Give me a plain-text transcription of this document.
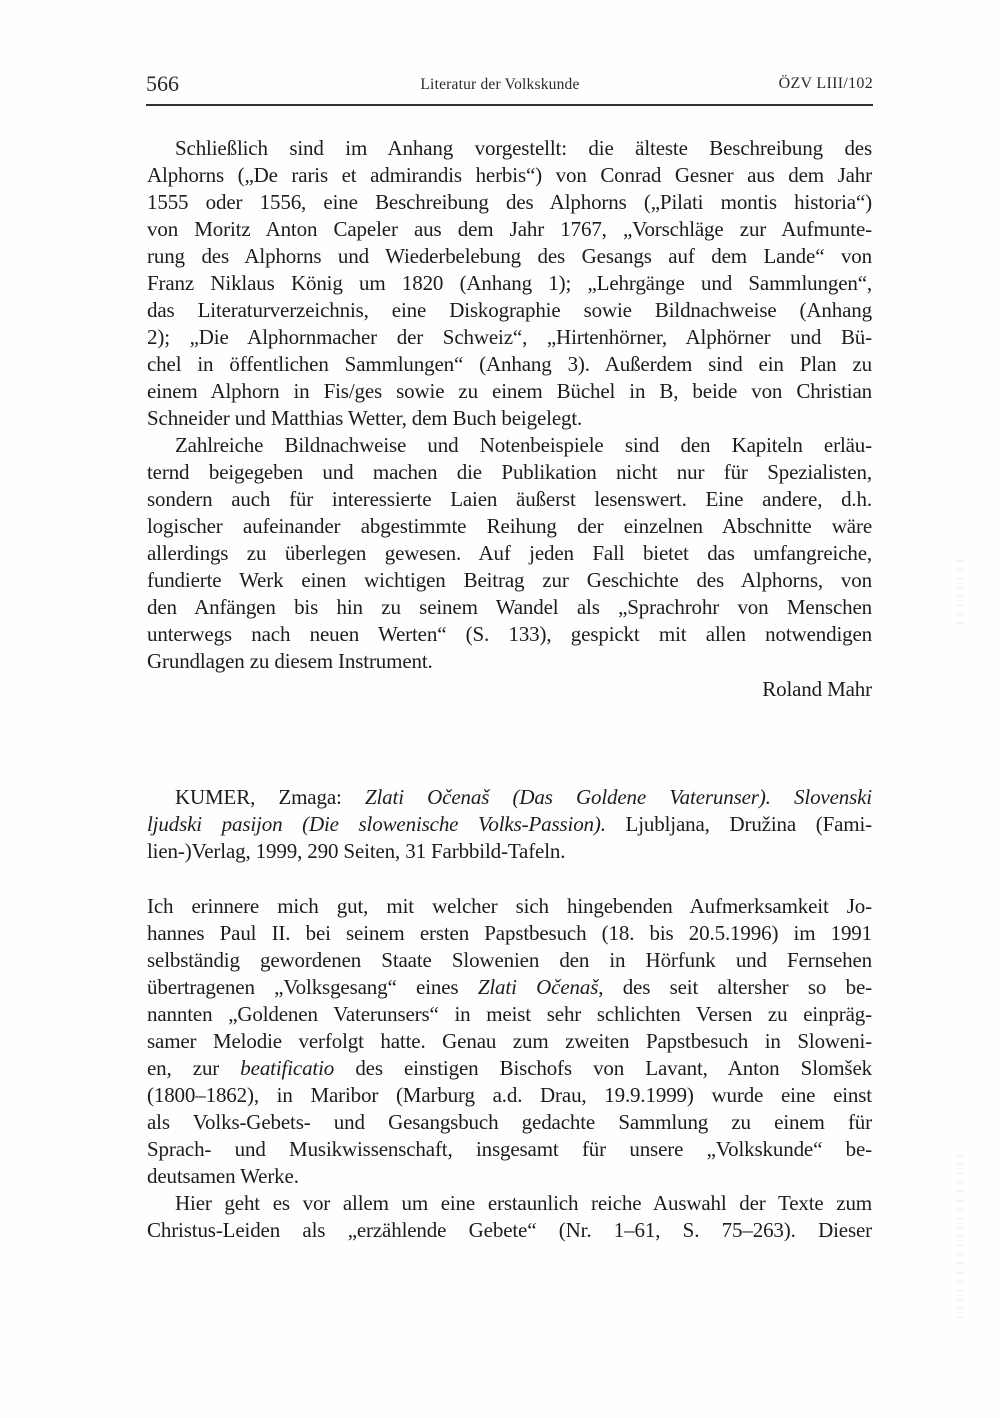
566	Literatur der Volkskunde	ÖZV LIII/102
Schließlich sind im Anhang vorgestellt: die älteste Beschreibung des
Alphorns („De raris et admirandis herbis“) von Conrad Gesner aus dem Jahr
1555 oder 1556, eine Beschreibung des Alphorns („Pilati montis historia“)
von Moritz Anton Capeler aus dem Jahr 1767, „Vorschläge zur Aufmunte-
rung des Alphorns und Wiederbelebung des Gesangs auf dem Lande“ von
Franz Niklaus König um 1820 (Anhang 1); „Lehrgänge und Sammlungen“,
das Literaturverzeichnis, eine Diskographie sowie Bildnachweise (Anhang
2); „Die Alphornmacher der Schweiz“, „Hirtenhörner, Alphörner und Bü-
chel in öffentlichen Sammlungen“ (Anhang 3). Außerdem sind ein Plan zu
einem Alphorn in Fis/ges sowie zu einem Büchel in B, beide von Christian
Schneider und Matthias Wetter, dem Buch beigelegt.
Zahlreiche Bildnachweise und Notenbeispiele sind den Kapiteln erläu-
ternd beigegeben und machen die Publikation nicht nur für Spezialisten,
sondern auch für interessierte Laien äußerst lesenswert. Eine andere, d.h.
logischer aufeinander abgestimmte Reihung der einzelnen Abschnitte wäre
allerdings zu überlegen gewesen. Auf jeden Fall bietet das umfangreiche,
fundierte Werk einen wichtigen Beitrag zur Geschichte des Alphorns, von
den Anfängen bis hin zu seinem Wandel als „Sprachrohr von Menschen
unterwegs nach neuen Werten“ (S. 133), gespickt mit allen notwendigen
Grundlagen zu diesem Instrument.
Roland Mahr
KUMER, Zmaga: Zlati Očenaš (Das Goldene Vaterunser). Slovenski
ljudski pasijon (Die slowenische Volks-Passion). Ljubljana, Družina (Fami-
lien-)Verlag, 1999, 290 Seiten, 31 Farbbild-Tafeln.
Ich erinnere mich gut, mit welcher sich hingebenden Aufmerksamkeit Jo-
hannes Paul II. bei seinem ersten Papstbesuch (18. bis 20.5.1996) im 1991
selbständig gewordenen Staate Slowenien den in Hörfunk und Fernsehen
übertragenen „Volksgesang“ eines Zlati Očenaš, des seit altersher so be-
nannten „Goldenen Vaterunsers“ in meist sehr schlichten Versen zu einpräg-
samer Melodie verfolgt hatte. Genau zum zweiten Papstbesuch in Sloweni-
en, zur beatificatio des einstigen Bischofs von Lavant, Anton Slomšek
(1800–1862), in Maribor (Marburg a.d. Drau, 19.9.1999) wurde eine einst
als Volks-Gebets- und Gesangsbuch gedachte Sammlung zu einem für
Sprach- und Musikwissenschaft, insgesamt für unsere „Volkskunde“ be-
deutsamen Werke.
Hier geht es vor allem um eine erstaunlich reiche Auswahl der Texte zum
Christus-Leiden als „erzählende Gebete“ (Nr. 1–61, S. 75–263). Dieser
